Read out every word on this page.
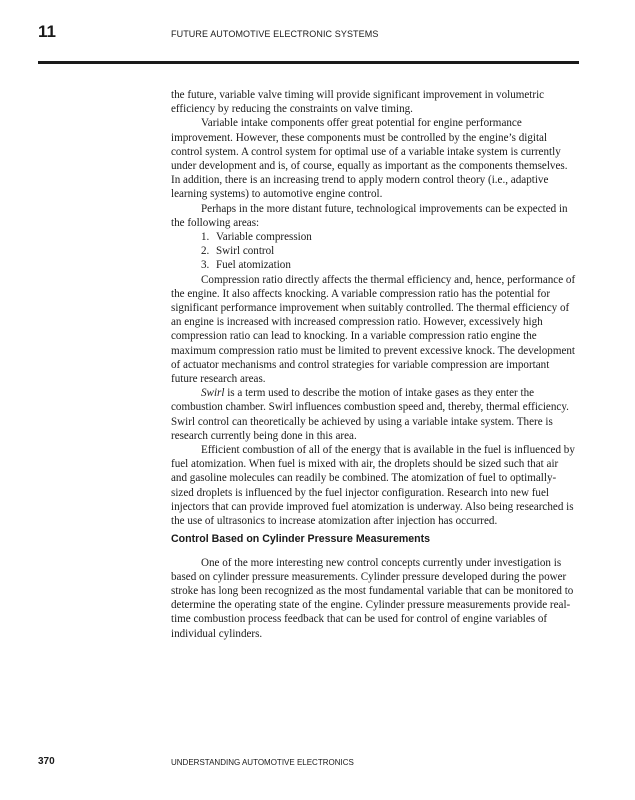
11	FUTURE AUTOMOTIVE ELECTRONIC SYSTEMS

the future, variable valve timing will provide significant improvement in volumetric efficiency by reducing the constraints on valve timing.

Variable intake components offer great potential for engine performance improvement. However, these components must be controlled by the engine’s digital control system. A control system for optimal use of a variable intake system is currently under development and is, of course, equally as important as the components themselves. In addition, there is an increasing trend to apply modern control theory (i.e., adaptive learning systems) to automotive engine control.

Perhaps in the more distant future, technological improvements can be expected in the following areas:

1. Variable compression
2. Swirl control
3. Fuel atomization

Compression ratio directly affects the thermal efficiency and, hence, performance of the engine. It also affects knocking. A variable compression ratio has the potential for significant performance improvement when suitably controlled. The thermal efficiency of an engine is increased with increased compression ratio. However, excessively high compression ratio can lead to knocking. In a variable compression ratio engine the maximum compression ratio must be limited to prevent excessive knock. The development of actuator mechanisms and control strategies for variable compression are important future research areas.

Swirl is a term used to describe the motion of intake gases as they enter the combustion chamber. Swirl influences combustion speed and, thereby, thermal efficiency. Swirl control can theoretically be achieved by using a variable intake system. There is research currently being done in this area.

Efficient combustion of all of the energy that is available in the fuel is influenced by fuel atomization. When fuel is mixed with air, the droplets should be sized such that air and gasoline molecules can readily be combined. The atomization of fuel to optimally-sized droplets is influenced by the fuel injector configuration. Research into new fuel injectors that can provide improved fuel atomization is underway. Also being researched is the use of ultrasonics to increase atomization after injection has occurred.

Control Based on Cylinder Pressure Measurements

One of the more interesting new control concepts currently under investigation is based on cylinder pressure measurements. Cylinder pressure developed during the power stroke has long been recognized as the most fundamental variable that can be monitored to determine the operating state of the engine. Cylinder pressure measurements provide real-time combustion process feedback that can be used for control of engine variables of individual cylinders.

370	UNDERSTANDING AUTOMOTIVE ELECTRONICS
